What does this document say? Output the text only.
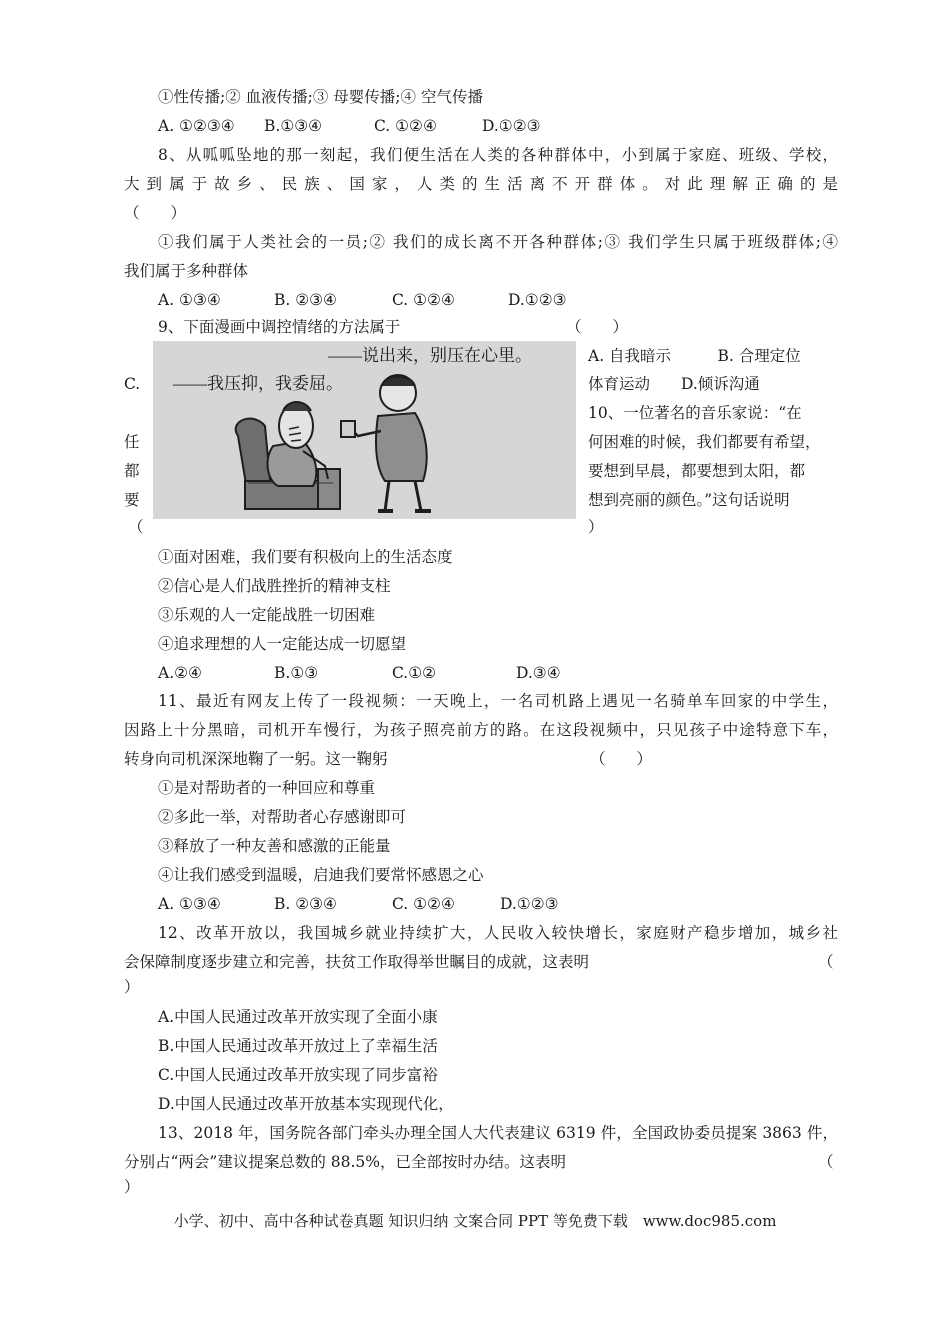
①性传播;② 血液传播;③ 母婴传播;④ 空气传播
A. ①②③④ B.①③④	C. ①②④	D.①②③
8、从呱呱坠地的那一刻起，我们便生活在人类的各种群体中，小到属于家庭、班级、学校，
大到属于故乡、民族、国家，人类的生活离不开群体。对此理解正确的是
（　　）
①我们属于人类社会的一员;② 我们的成长离不开各种群体;③ 我们学生只属于班级群体;④
我们属于多种群体
A. ①③④	B. ②③④	C. ①②④	D.①②③
9、下面漫画中调控情绪的方法属于	（　　）
——说出来，别压在心里。
——我压抑，我委屈。
A. 自我暗示　　　B. 合理定位
C.	体育运动　　D.倾诉沟通
10、一位著名的音乐家说：“在
任	何困难的时候，我们都要有希望，
都	要想到早晨，都要想到太阳，都
要	想到亮丽的颜色。”这句话说明
（	）
①面对困难，我们要有积极向上的生活态度
②信心是人们战胜挫折的精神支柱
③乐观的人一定能战胜一切困难
④追求理想的人一定能达成一切愿望
A.②④	B.①③	C.①②	D.③④
11、最近有网友上传了一段视频：一天晚上，一名司机路上遇见一名骑单车回家的中学生，
因路上十分黑暗，司机开车慢行，为孩子照亮前方的路。在这段视频中，只见孩子中途特意下车，
转身向司机深深地鞠了一躬。这一鞠躬	（　　）
①是对帮助者的一种回应和尊重
②多此一举，对帮助者心存感谢即可
③释放了一种友善和感激的正能量
④让我们感受到温暖，启迪我们要常怀感恩之心
A. ①③④	B. ②③④	C. ①②④	D.①②③
12、改革开放以，我国城乡就业持续扩大，人民收入较快增长，家庭财产稳步增加，城乡社
会保障制度逐步建立和完善，扶贫工作取得举世瞩目的成就，这表明	（
）
A.中国人民通过改革开放实现了全面小康
B.中国人民通过改革开放过上了幸福生活
C.中国人民通过改革开放实现了同步富裕
D.中国人民通过改革开放基本实现现代化，
13、2018 年，国务院各部门牵头办理全国人大代表建议 6319 件，全国政协委员提案 3863 件，
分别占“两会”建议提案总数的 88.5%，已全部按时办结。这表明	（
）
小学、初中、高中各种试卷真题 知识归纳 文案合同 PPT 等免费下载　www.doc985.com
